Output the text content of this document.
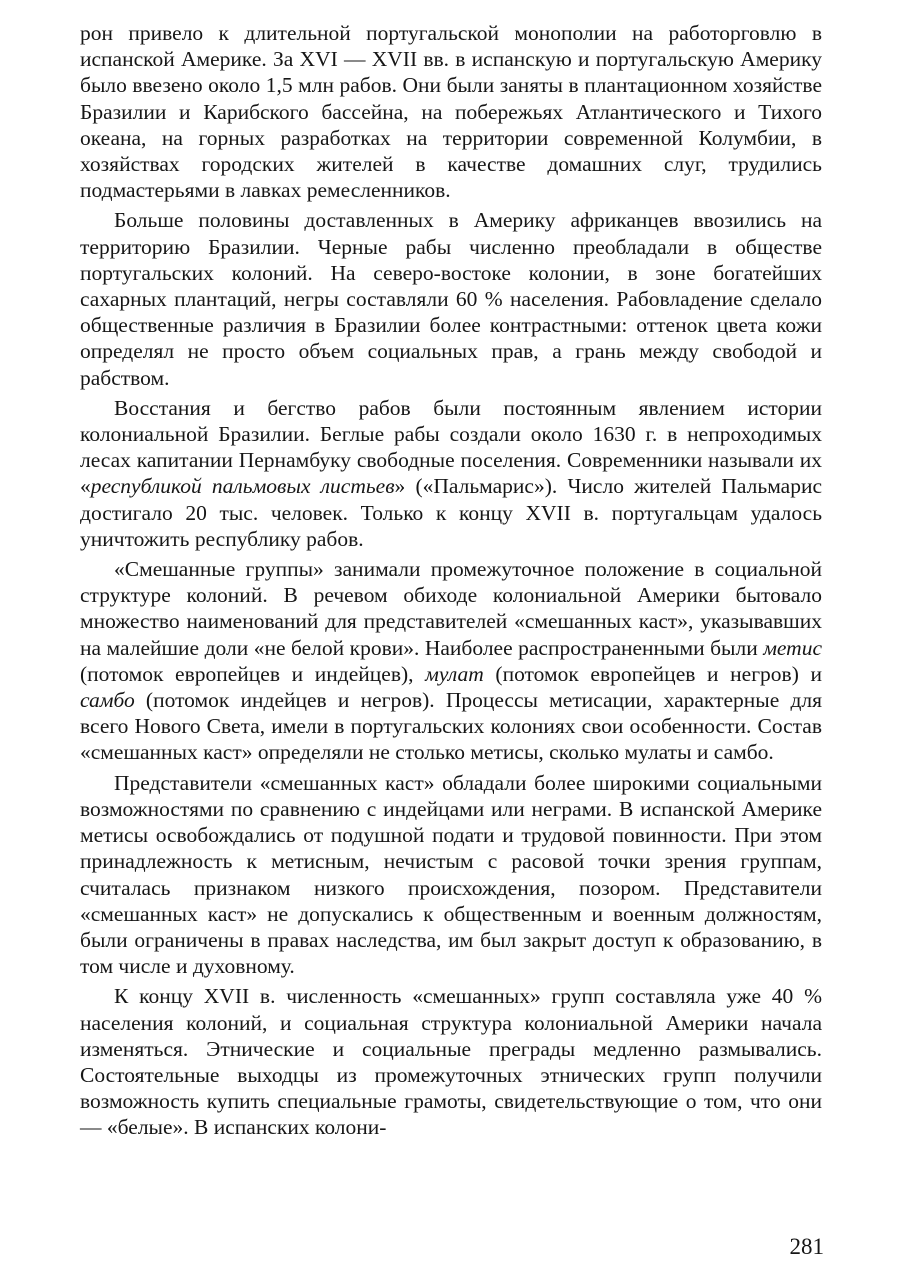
рон привело к длительной португальской монополии на работорговлю в испанской Америке. За XVI — XVII вв. в испанскую и португальскую Америку было ввезено около 1,5 млн рабов. Они были заняты в плантационном хозяйстве Бразилии и Карибского бассейна, на побережьях Атлантического и Тихого океана, на горных разработках на территории современной Колумбии, в хозяйствах городских жителей в качестве домашних слуг, трудились подмастерьями в лавках ремесленников.

Больше половины доставленных в Америку африканцев ввозились на территорию Бразилии. Черные рабы численно преобладали в обществе португальских колоний. На северо-востоке колонии, в зоне богатейших сахарных плантаций, негры составляли 60 % населения. Рабовладение сделало общественные различия в Бразилии более контрастными: оттенок цвета кожи определял не просто объем социальных прав, а грань между свободой и рабством.

Восстания и бегство рабов были постоянным явлением истории колониальной Бразилии. Беглые рабы создали около 1630 г. в непроходимых лесах капитании Пернамбуку свободные поселения. Современники называли их «республикой пальмовых листьев» («Пальмарис»). Число жителей Пальмарис достигало 20 тыс. человек. Только к концу XVII в. португальцам удалось уничтожить республику рабов.

«Смешанные группы» занимали промежуточное положение в социальной структуре колоний. В речевом обиходе колониальной Америки бытовало множество наименований для представителей «смешанных каст», указывавших на малейшие доли «не белой крови». Наиболее распространенными были метис (потомок европейцев и индейцев), мулат (потомок европейцев и негров) и самбо (потомок индейцев и негров). Процессы метисации, характерные для всего Нового Света, имели в португальских колониях свои особенности. Состав «смешанных каст» определяли не столько метисы, сколько мулаты и самбо.

Представители «смешанных каст» обладали более широкими социальными возможностями по сравнению с индейцами или неграми. В испанской Америке метисы освобождались от подушной подати и трудовой повинности. При этом принадлежность к метисным, нечистым с расовой точки зрения группам, считалась признаком низкого происхождения, позором. Представители «смешанных каст» не допускались к общественным и военным должностям, были ограничены в правах наследства, им был закрыт доступ к образованию, в том числе и духовному.

К концу XVII в. численность «смешанных» групп составляла уже 40 % населения колоний, и социальная структура колониальной Америки начала изменяться. Этнические и социальные преграды медленно размывались. Состоятельные выходцы из промежуточных этнических групп получили возможность купить специальные грамоты, свидетельствующие о том, что они — «белые». В испанских колони-

281
